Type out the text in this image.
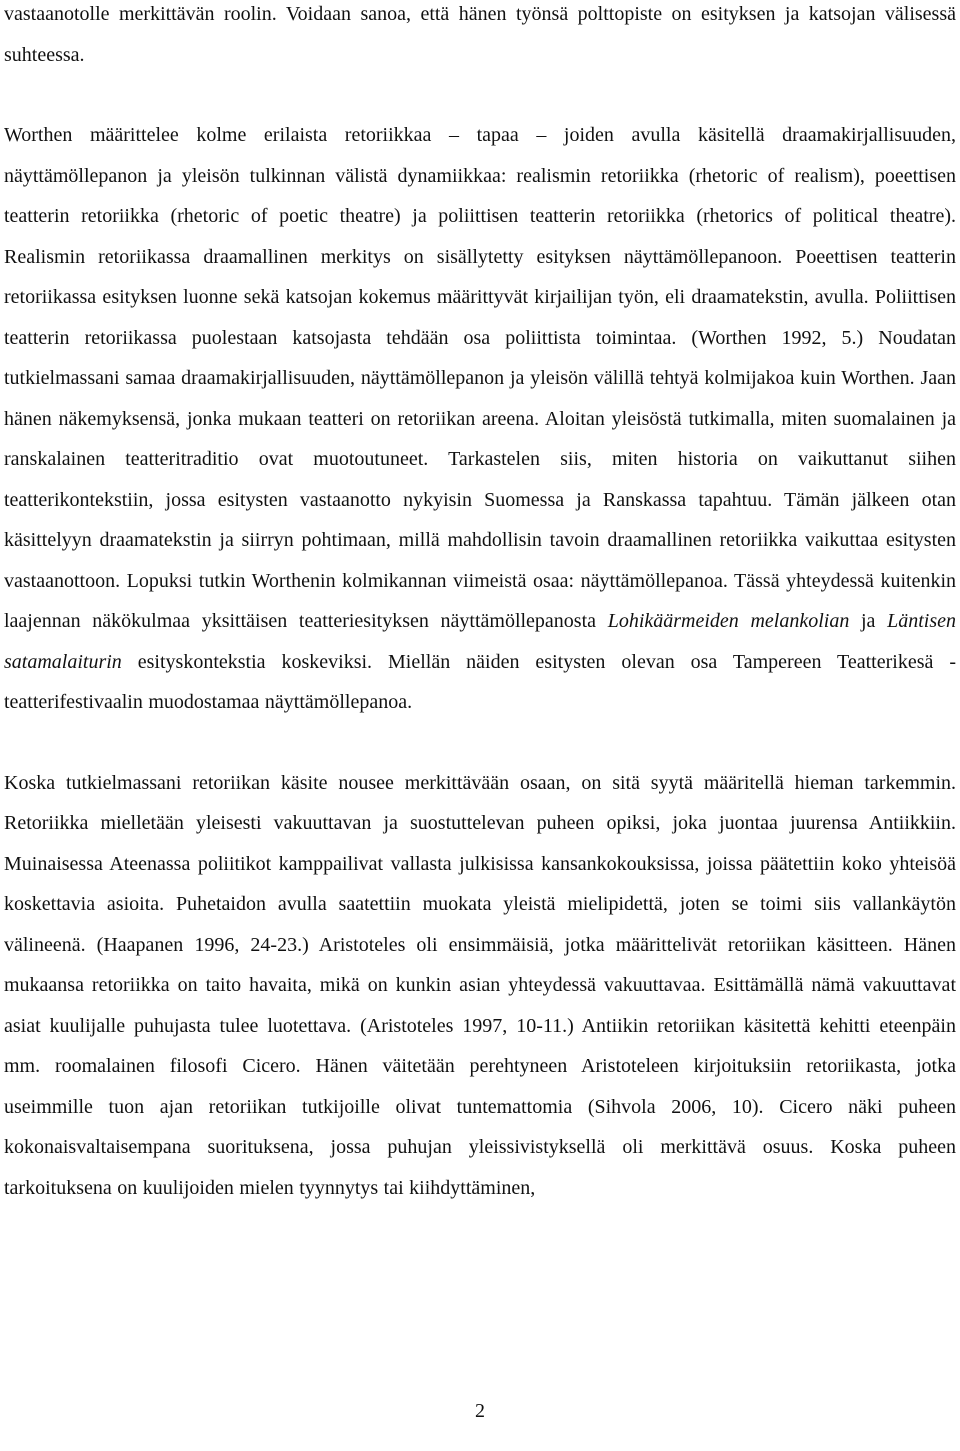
vastaanotolle merkittävän roolin. Voidaan sanoa, että hänen työnsä polttopiste on esityksen ja katsojan välisessä suhteessa.

Worthen määrittelee kolme erilaista retoriikkaa – tapaa – joiden avulla käsitellä draamakirjallisuuden, näyttämöllepanon ja yleisön tulkinnan välistä dynamiikkaa: realismin retoriikka (rhetoric of realism), poeettisen teatterin retoriikka (rhetoric of poetic theatre) ja poliittisen teatterin retoriikka (rhetorics of political theatre). Realismin retoriikassa draamallinen merkitys on sisällytetty esityksen näyttämöllepanoon. Poeettisen teatterin retoriikassa esityksen luonne sekä katsojan kokemus määrittyvät kirjailijan työn, eli draamatekstin, avulla. Poliittisen teatterin retoriikassa puolestaan katsojasta tehdään osa poliittista toimintaa. (Worthen 1992, 5.) Noudatan tutkielmassani samaa draamakirjallisuuden, näyttämöllepanon ja yleisön välillä tehtyä kolmijakoa kuin Worthen. Jaan hänen näkemyksensä, jonka mukaan teatteri on retoriikan areena. Aloitan yleisöstä tutkimalla, miten suomalainen ja ranskalainen teatteritraditio ovat muotoutuneet. Tarkastelen siis, miten historia on vaikuttanut siihen teatterikontekstiin, jossa esitysten vastaanotto nykyisin Suomessa ja Ranskassa tapahtuu. Tämän jälkeen otan käsittelyyn draamatekstin ja siirryn pohtimaan, millä mahdollisin tavoin draamallinen retoriikka vaikuttaa esitysten vastaanottoon. Lopuksi tutkin Worthenin kolmikannan viimeistä osaa: näyttämöllepanoa. Tässä yhteydessä kuitenkin laajennan näkökulmaa yksittäisen teatteriesityksen näyttämöllepanosta Lohikäärmeiden melankolian ja Läntisen satamalaiturin esityskontekstia koskeviksi. Miellän näiden esitysten olevan osa Tampereen Teatterikesä -teatterifestivaalin muodostamaa näyttämöllepanoa.

Koska tutkielmassani retoriikan käsite nousee merkittävään osaan, on sitä syytä määritellä hieman tarkemmin. Retoriikka mielletään yleisesti vakuuttavan ja suostuttelevan puheen opiksi, joka juontaa juurensa Antiikkiin. Muinaisessa Ateenassa poliitikot kamppailivat vallasta julkisissa kansankokouksissa, joissa päätettiin koko yhteisöä koskettavia asioita. Puhetaidon avulla saatettiin muokata yleistä mielipidettä, joten se toimi siis vallankäytön välineenä. (Haapanen 1996, 24-23.) Aristoteles oli ensimmäisiä, jotka määrittelivät retoriikan käsitteen. Hänen mukaansa retoriikka on taito havaita, mikä on kunkin asian yhteydessä vakuuttavaa. Esittämällä nämä vakuuttavat asiat kuulijalle puhujasta tulee luotettava. (Aristoteles 1997, 10-11.) Antiikin retoriikan käsitettä kehitti eteenpäin mm. roomalainen filosofi Cicero. Hänen väitetään perehtyneen Aristoteleen kirjoituksiin retoriikasta, jotka useimmille tuon ajan retoriikan tutkijoille olivat tuntemattomia (Sihvola 2006, 10). Cicero näki puheen kokonaisvaltaisempana suorituksena, jossa puhujan yleissivistyksellä oli merkittävä osuus. Koska puheen tarkoituksena on kuulijoiden mielen tyynnytys tai kiihdyttäminen,

2
